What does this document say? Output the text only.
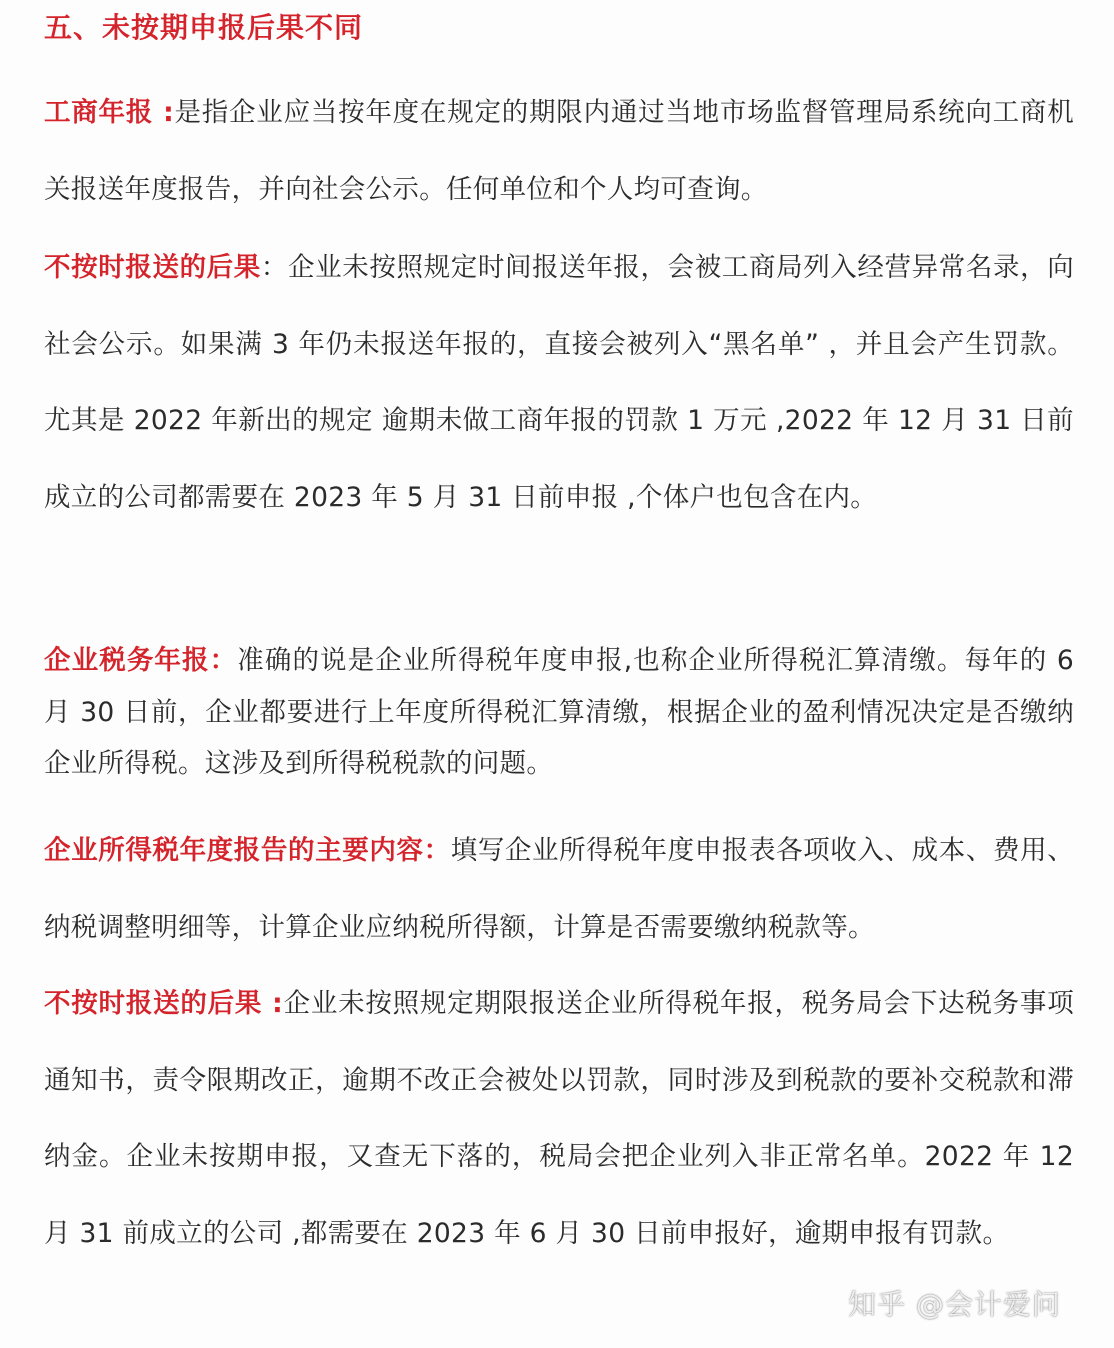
五、未按期申报后果不同
工商年报 :是指企业应当按年度在规定的期限内通过当地市场监督管理局系统向工商机关报送年度报告，并向社会公示。任何单位和个人均可查询。
不按时报送的后果：企业未按照规定时间报送年报，会被工商局列入经营异常名录，向社会公示。如果满 3 年仍未报送年报的，直接会被列入“黑名单” ，并且会产生罚款。尤其是 2022 年新出的规定 逾期未做工商年报的罚款 1 万元 ,2022 年 12 月 31 日前成立的公司都需要在 2023 年 5 月 31 日前申报 ,个体户也包含在内。
企业税务年报：准确的说是企业所得税年度申报,也称企业所得税汇算清缴。每年的 6 月 30 日前，企业都要进行上年度所得税汇算清缴，根据企业的盈利情况决定是否缴纳企业所得税。这涉及到所得税税款的问题。
企业所得税年度报告的主要内容：填写企业所得税年度申报表各项收入、成本、费用、纳税调整明细等，计算企业应纳税所得额，计算是否需要缴纳税款等。
不按时报送的后果 :企业未按照规定期限报送企业所得税年报，税务局会下达税务事项通知书，责令限期改正，逾期不改正会被处以罚款，同时涉及到税款的要补交税款和滞纳金。企业未按期申报，又查无下落的，税局会把企业列入非正常名单。2022 年 12 月 31 前成立的公司 ,都需要在 2023 年 6 月 30 日前申报好，逾期申报有罚款。
知乎 @会计爱问
